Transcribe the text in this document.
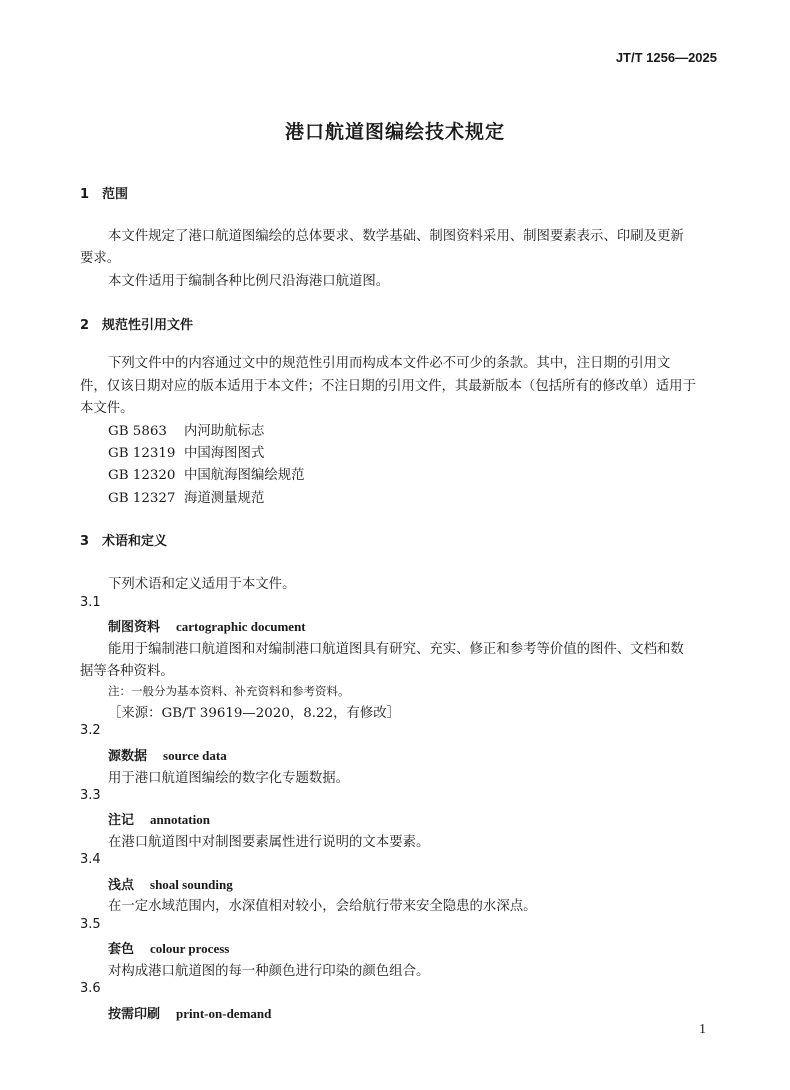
JT/T 1256—2025
港口航道图编绘技术规定
1 范围
本文件规定了港口航道图编绘的总体要求、数学基础、制图资料采用、制图要素表示、印刷及更新
要求。
本文件适用于编制各种比例尺沿海港口航道图。
2 规范性引用文件
下列文件中的内容通过文中的规范性引用而构成本文件必不可少的条款。其中，注日期的引用文
件，仅该日期对应的版本适用于本文件；不注日期的引用文件，其最新版本（包括所有的修改单）适用于
本文件。
GB 5863 内河助航标志
GB 12319 中国海图图式
GB 12320 中国航海图编绘规范
GB 12327 海道测量规范
3 术语和定义
下列术语和定义适用于本文件。
3.1
制图资料 cartographic document
能用于编制港口航道图和对编制港口航道图具有研究、充实、修正和参考等价值的图件、文档和数
据等各种资料。
注：一般分为基本资料、补充资料和参考资料。
［来源：GB/T 39619—2020，8.22，有修改］
3.2
源数据 source data
用于港口航道图编绘的数字化专题数据。
3.3
注记 annotation
在港口航道图中对制图要素属性进行说明的文本要素。
3.4
浅点 shoal sounding
在一定水域范围内，水深值相对较小，会给航行带来安全隐患的水深点。
3.5
套色 colour process
对构成港口航道图的每一种颜色进行印染的颜色组合。
3.6
按需印刷 print-on-demand
1
